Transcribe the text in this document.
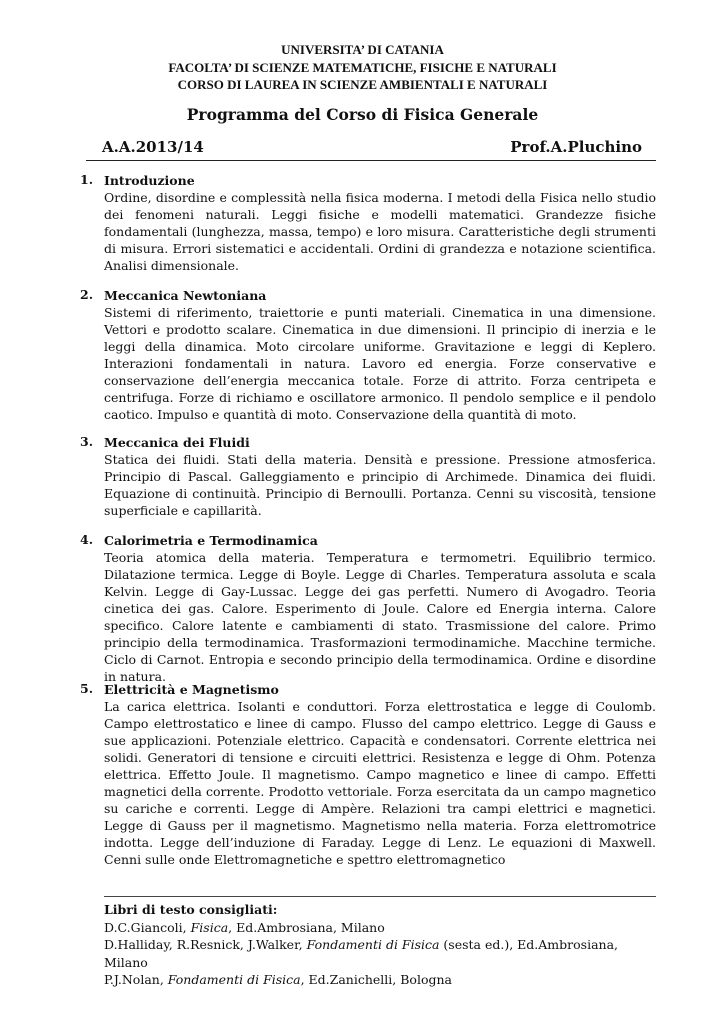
UNIVERSITA’ DI CATANIA
FACOLTA’ DI SCIENZE MATEMATICHE, FISICHE E NATURALI
CORSO DI LAUREA IN SCIENZE AMBIENTALI E NATURALI
Programma del Corso di Fisica Generale
A.A.2013/14	Prof.A.Pluchino
1. Introduzione
Ordine, disordine e complessità nella fisica moderna. I metodi della Fisica nello studio dei fenomeni naturali. Leggi fisiche e modelli matematici. Grandezze fisiche fondamentali (lunghezza, massa, tempo) e loro misura. Caratteristiche degli strumenti di misura. Errori sistematici e accidentali. Ordini di grandezza e notazione scientifica. Analisi dimensionale.
2. Meccanica Newtoniana
Sistemi di riferimento, traiettorie e punti materiali. Cinematica in una dimensione. Vettori e prodotto scalare. Cinematica in due dimensioni. Il principio di inerzia e le leggi della dinamica. Moto circolare uniforme. Gravitazione e leggi di Keplero. Interazioni fondamentali in natura. Lavoro ed energia. Forze conservative e conservazione dell’energia meccanica totale. Forze di attrito. Forza centripeta e centrifuga. Forze di richiamo e oscillatore armonico. Il pendolo semplice e il pendolo caotico. Impulso e quantità di moto. Conservazione della quantità di moto.
3. Meccanica dei Fluidi
Statica dei fluidi. Stati della materia. Densità e pressione. Pressione atmosferica. Principio di Pascal. Galleggiamento e principio di Archimede. Dinamica dei fluidi. Equazione di continuità. Principio di Bernoulli. Portanza. Cenni su viscosità, tensione superficiale e capillarità.
4. Calorimetria e Termodinamica
Teoria atomica della materia. Temperatura e termometri. Equilibrio termico. Dilatazione termica. Legge di Boyle. Legge di Charles. Temperatura assoluta e scala Kelvin. Legge di Gay-Lussac. Legge dei gas perfetti. Numero di Avogadro. Teoria cinetica dei gas. Calore. Esperimento di Joule. Calore ed Energia interna. Calore specifico. Calore latente e cambiamenti di stato. Trasmissione del calore. Primo principio della termodinamica. Trasformazioni termodinamiche. Macchine termiche. Ciclo di Carnot. Entropia e secondo principio della termodinamica. Ordine e disordine in natura.
5. Elettricità e Magnetismo
La carica elettrica. Isolanti e conduttori. Forza elettrostatica e legge di Coulomb. Campo elettrostatico e linee di campo. Flusso del campo elettrico. Legge di Gauss e sue applicazioni. Potenziale elettrico. Capacità e condensatori. Corrente elettrica nei solidi. Generatori di tensione e circuiti elettrici. Resistenza e legge di Ohm. Potenza elettrica. Effetto Joule. Il magnetismo. Campo magnetico e linee di campo. Effetti magnetici della corrente. Prodotto vettoriale. Forza esercitata da un campo magnetico su cariche e correnti. Legge di Ampère. Relazioni tra campi elettrici e magnetici. Legge di Gauss per il magnetismo. Magnetismo nella materia. Forza elettromotrice indotta. Legge dell’induzione di Faraday. Legge di Lenz. Le equazioni di Maxwell. Cenni sulle onde Elettromagnetiche e spettro elettromagnetico
Libri di testo consigliati:
D.C.Giancoli, Fisica, Ed.Ambrosiana, Milano
D.Halliday, R.Resnick, J.Walker, Fondamenti di Fisica (sesta ed.), Ed.Ambrosiana, Milano
P.J.Nolan, Fondamenti di Fisica, Ed.Zanichelli, Bologna
